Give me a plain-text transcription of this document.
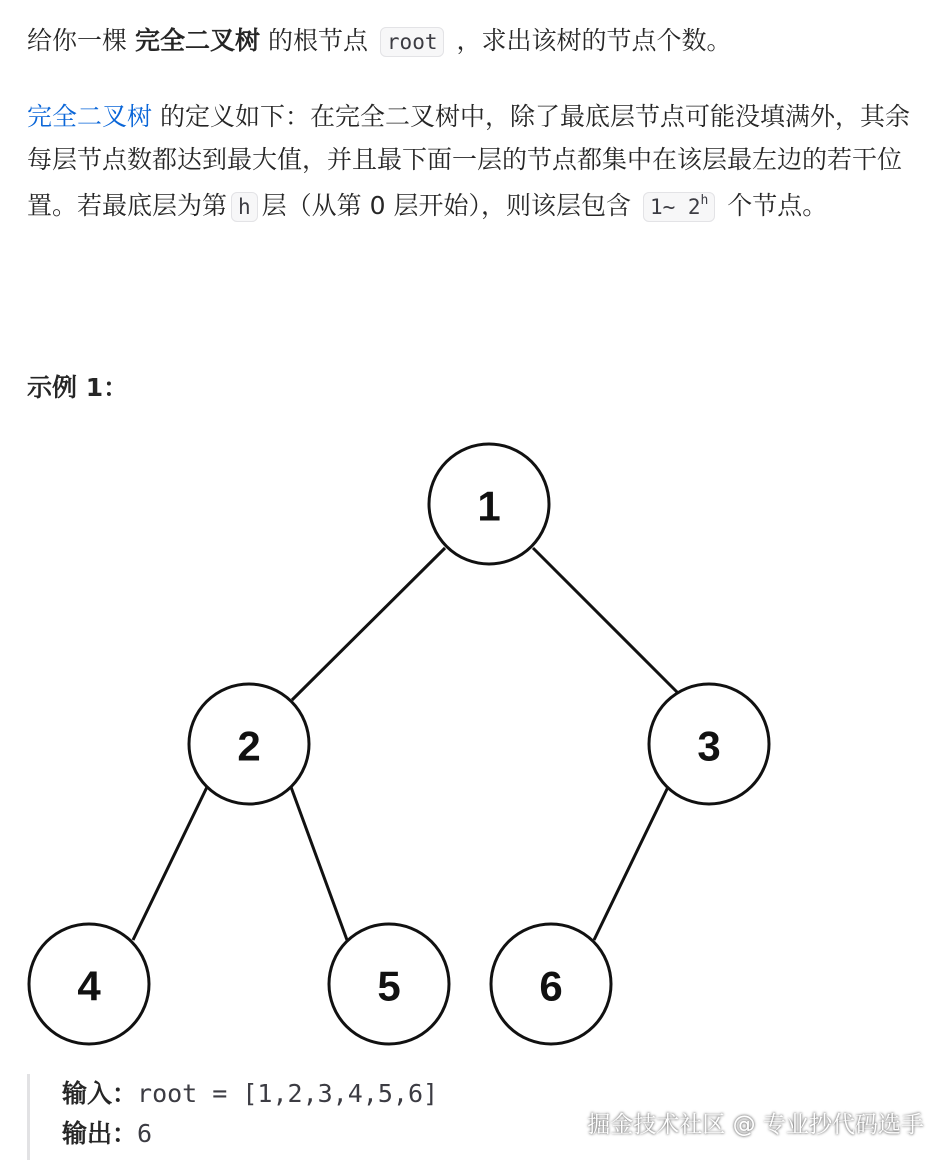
给你一棵 完全二叉树 的根节点 root ，求出该树的节点个数。

完全二叉树 的定义如下：在完全二叉树中，除了最底层节点可能没填满外，其余每层节点数都达到最大值，并且最下面一层的节点都集中在该层最左边的若干位置。若最底层为第 h 层（从第 0 层开始），则该层包含 1~ 2$^h$ 个节点。

示例 1：

1
2	3
4	5	6
输入：root = [1,2,3,4,5,6]
输出：6	掘金技术社区 @ 专业抄代码选手
